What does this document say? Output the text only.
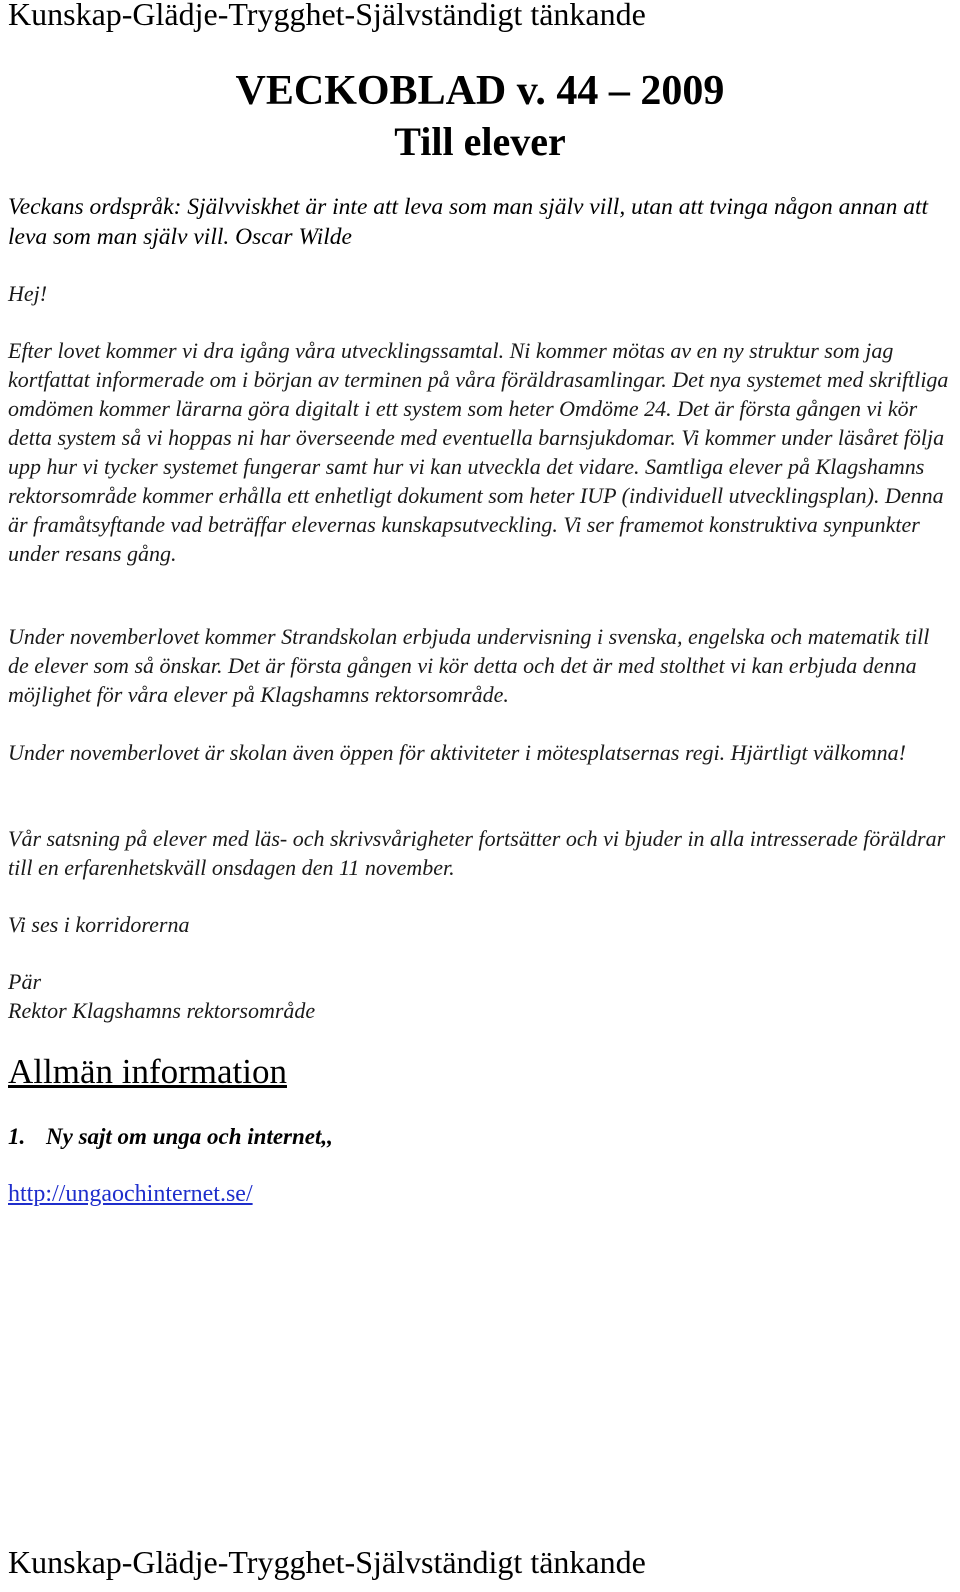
Kunskap-Glädje-Trygghet-Självständigt tänkande
VECKOBLAD v. 44 – 2009
Till elever
Veckans ordspråk: Självviskhet är inte att leva som man själv vill, utan att tvinga någon annan att leva som man själv vill. Oscar Wilde

Hej!

Efter lovet kommer vi dra igång våra utvecklingssamtal. Ni kommer mötas av en ny struktur som jag kortfattat informerade om i början av terminen på våra föräldrasamlingar. Det nya systemet med skriftliga omdömen kommer lärarna göra digitalt i ett system som heter Omdöme 24. Det är första gången vi kör detta system så vi hoppas ni har överseende med eventuella barnsjukdomar. Vi kommer under läsåret följa upp hur vi tycker systemet fungerar samt hur vi kan utveckla det vidare. Samtliga elever på Klagshamns rektorsområde kommer erhålla ett enhetligt dokument som heter IUP (individuell utvecklingsplan). Denna är framåtsyftande vad beträffar elevernas kunskapsutveckling. Vi ser framemot konstruktiva synpunkter under resans gång.

Under novemberlovet kommer Strandskolan erbjuda undervisning i svenska, engelska och matematik till de elever som så önskar. Det är första gången vi kör detta och det är med stolthet vi kan erbjuda denna möjlighet för våra elever på Klagshamns rektorsområde.

Under novemberlovet är skolan även öppen för aktiviteter i mötesplatsernas regi. Hjärtligt välkomna!

Vår satsning på elever med läs- och skrivsvårigheter fortsätter och vi bjuder in alla intresserade föräldrar till en erfarenhetskväll onsdagen den 11 november.

Vi ses i korridorerna

Pär
Rektor Klagshamns rektorsområde

Allmän information
1. Ny sajt om unga och internet,,
http://ungaochinternet.se/
Kunskap-Glädje-Trygghet-Självständigt tänkande
